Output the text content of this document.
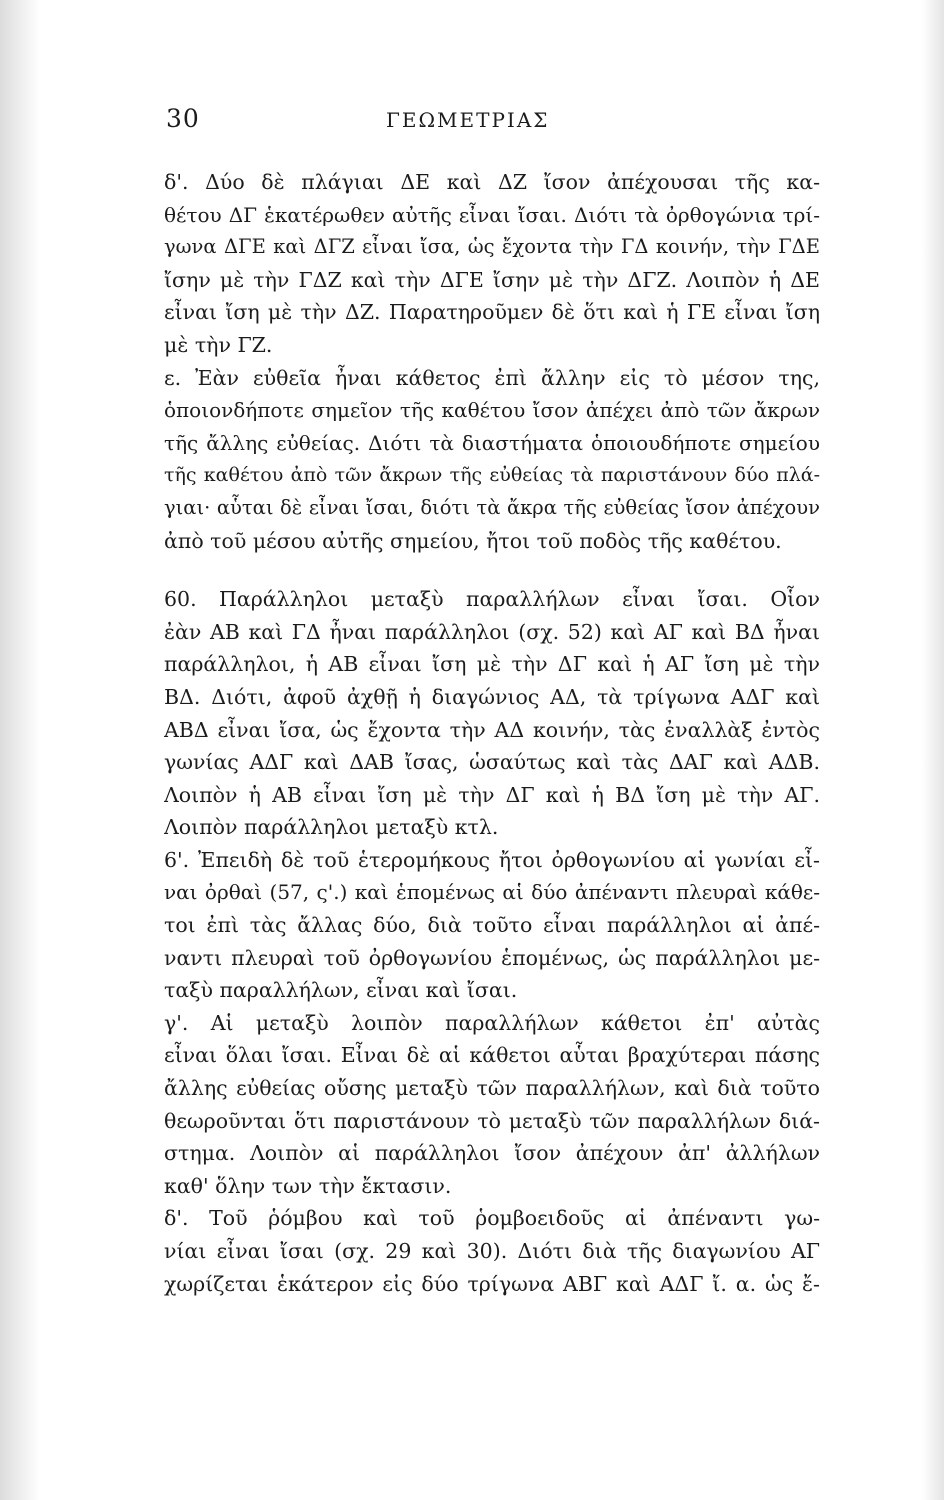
30	ΓΕΩΜΕΤΡΙΑΣ
δ'. Δύο δὲ πλάγιαι ΔΕ καὶ ΔΖ ἴσον ἀπέχουσαι τῆς κα-
θέτου ΔΓ ἑκατέρωθεν αὐτῆς εἶναι ἴσαι. Διότι τὰ ὀρθογώνια τρί-
γωνα ΔΓΕ καὶ ΔΓΖ εἶναι ἴσα, ὡς ἔχοντα τὴν ΓΔ κοινήν, τὴν ΓΔΕ
ἴσην μὲ τὴν ΓΔΖ καὶ τὴν ΔΓΕ ἴσην μὲ τὴν ΔΓΖ. Λοιπὸν ἡ ΔΕ
εἶναι ἴση μὲ τὴν ΔΖ. Παρατηροῦμεν δὲ ὅτι καὶ ἡ ΓΕ εἶναι ἴση
μὲ τὴν ΓΖ.
ε. Ἐὰν εὐθεῖα ἦναι κάθετος ἐπὶ ἄλλην εἰς τὸ μέσον της,
ὁποιονδήποτε σημεῖον τῆς καθέτου ἴσον ἀπέχει ἀπὸ τῶν ἄκρων
τῆς ἄλλης εὐθείας. Διότι τὰ διαστήματα ὁποιουδήποτε σημείου
τῆς καθέτου ἀπὸ τῶν ἄκρων τῆς εὐθείας τὰ παριστάνουν δύο πλά-
γιαι· αὗται δὲ εἶναι ἴσαι, διότι τὰ ἄκρα τῆς εὐθείας ἴσον ἀπέχουν
ἀπὸ τοῦ μέσου αὐτῆς σημείου, ἤτοι τοῦ ποδὸς τῆς καθέτου.
60. Παράλληλοι μεταξὺ παραλλήλων εἶναι ἴσαι. Οἷον
ἐὰν ΑΒ καὶ ΓΔ ἦναι παράλληλοι (σχ. 52) καὶ ΑΓ καὶ ΒΔ ἦναι
παράλληλοι, ἡ ΑΒ εἶναι ἴση μὲ τὴν ΔΓ καὶ ἡ ΑΓ ἴση μὲ τὴν
ΒΔ. Διότι, ἀφοῦ ἀχθῇ ἡ διαγώνιος ΑΔ, τὰ τρίγωνα ΑΔΓ καὶ
ΑΒΔ εἶναι ἴσα, ὡς ἔχοντα τὴν ΑΔ κοινήν, τὰς ἐναλλὰξ ἐντὸς
γωνίας ΑΔΓ καὶ ΔΑΒ ἴσας, ὡσαύτως καὶ τὰς ΔΑΓ καὶ ΑΔΒ.
Λοιπὸν ἡ ΑΒ εἶναι ἴση μὲ τὴν ΔΓ καὶ ἡ ΒΔ ἴση μὲ τὴν ΑΓ.
Λοιπὸν παράλληλοι μεταξὺ κτλ.
6'. Ἐπειδὴ δὲ τοῦ ἑτερομήκους ἤτοι ὀρθογωνίου αἱ γωνίαι εἶ-
ναι ὀρθαὶ (57, ς'.) καὶ ἑπομένως αἱ δύο ἀπέναντι πλευραὶ κάθε-
τοι ἐπὶ τὰς ἄλλας δύο, διὰ τοῦτο εἶναι παράλληλοι αἱ ἀπέ-
ναντι πλευραὶ τοῦ ὀρθογωνίου ἑπομένως, ὡς παράλληλοι με-
ταξὺ παραλλήλων, εἶναι καὶ ἴσαι.
γ'. Αἱ μεταξὺ λοιπὸν παραλλήλων κάθετοι ἐπ' αὐτὰς
εἶναι ὅλαι ἴσαι. Εἶναι δὲ αἱ κάθετοι αὗται βραχύτεραι πάσης
ἄλλης εὐθείας οὔσης μεταξὺ τῶν παραλλήλων, καὶ διὰ τοῦτο
θεωροῦνται ὅτι παριστάνουν τὸ μεταξὺ τῶν παραλλήλων διά-
στημα. Λοιπὸν αἱ παράλληλοι ἴσον ἀπέχουν ἀπ' ἀλλήλων
καθ' ὅλην των τὴν ἔκτασιν.
δ'. Τοῦ ῥόμβου καὶ τοῦ ῥομβοειδοῦς αἱ ἀπέναντι γω-
νίαι εἶναι ἴσαι (σχ. 29 καὶ 30). Διότι διὰ τῆς διαγωνίου ΑΓ
χωρίζεται ἑκάτερον εἰς δύο τρίγωνα ΑΒΓ καὶ ΑΔΓ ἴ. α. ὡς ἔ-
